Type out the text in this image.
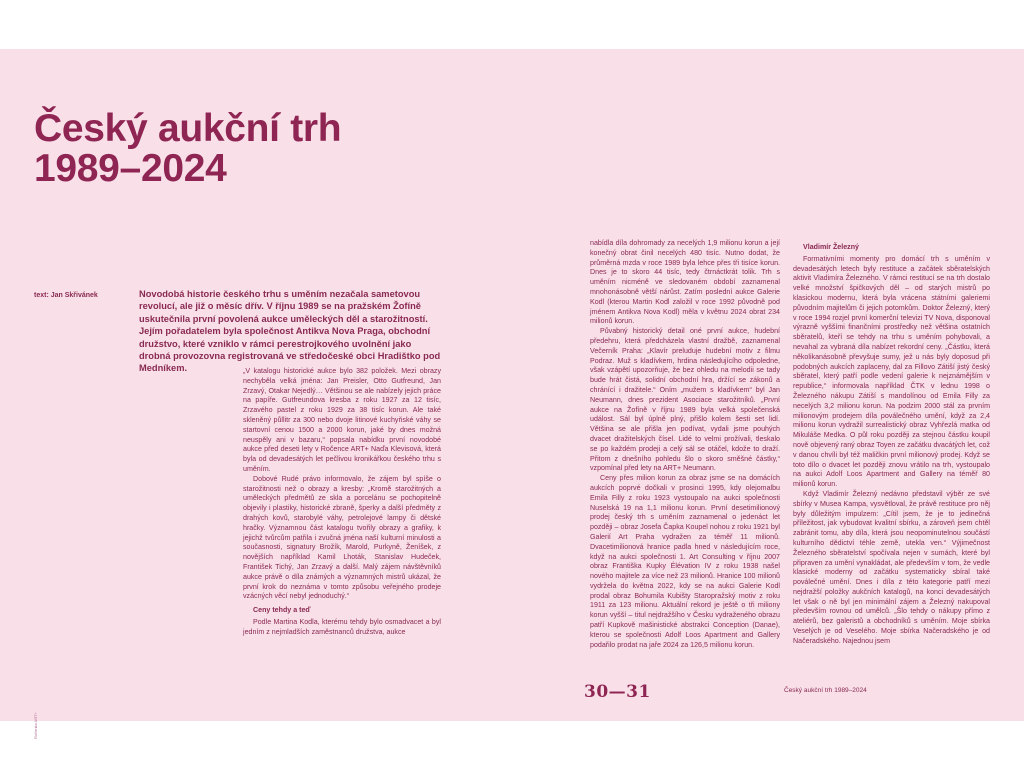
Český aukční trh
1989–2024
text: Jan Skřivánek	Novodobá historie českého trhu s uměním nezačala sametovou revolucí, ale již o měsíc dřív. V říjnu 1989 se na pražském Žofíně uskutečnila první povolená aukce uměleckých děl a starožitností. Jejím pořadatelem byla společnost Antikva Nova Praga, obchodní družstvo, které vzniklo v rámci perestrojkového uvolnění jako drobná provozovna registrovaná ve středočeské obci Hradištko pod Medníkem.	„V katalogu historické aukce bylo 382 položek. Mezi obrazy nechyběla velká jména: Jan Preisler, Otto Gutfreund, Jan Zrzavý, Otakar Nejedlý… Většinou se ale nabízely jejich práce na papíře. Gutfreundova kresba z roku 1927 za 12 tisíc, Zrzavého pastel z roku 1929 za 38 tisíc korun. Ale také skleněný půllitr za 300 nebo dvoje litinové kuchyňské váhy se startovní cenou 1500 a 2000 korun, jaké by dnes možná neuspěly ani v bazaru,“ popsala nabídku první novodobé aukce před deseti lety v Ročence ART+ Naďa Klevisová, která byla od devadesátých let pečlivou kronikářkou českého trhu s uměním.

Dobové Rudé právo informovalo, že zájem byl spíše o starožitnosti než o obrazy a kresby: „Kromě starožitných a uměleckých předmětů ze skla a porcelánu se pochopitelně objevily i plastiky, historické zbraně, šperky a další předměty z drahých kovů, starobylé váhy, petrolejové lampy či dětské hračky. Významnou část katalogu tvořily obrazy a grafiky, k jejichž tvůrcům patřila i zvučná jména naší kulturní minulosti a současnosti, signatury Brožík, Marold, Purkyně, Ženíšek, z novějších například Kamil Lhoták, Stanislav Hudeček, František Tichý, Jan Zrzavý a další. Malý zájem návštěvníků aukce právě o díla známých a významných mistrů ukázal, že první krok do neznáma v tomto způsobu veřejného prodeje vzácných věcí nebyl jednoduchý.“

Ceny tehdy a teď

Podle Martina Kodla, kterému tehdy bylo osmadvacet a byl jedním z nejmladších zaměstnanců družstva, aukce

nabídla díla dohromady za necelých 1,9 milionu korun a její konečný obrat činil necelých 480 tisíc. Nutno dodat, že průměrná mzda v roce 1989 byla lehce přes tři tisíce korun. Dnes je to skoro 44 tisíc, tedy čtrnáctkrát tolik. Trh s uměním nicméně ve sledovaném období zaznamenal mnohonásobně větší nárůst. Zatím poslední aukce Galerie Kodl (kterou Martin Kodl založil v roce 1992 původně pod jménem Antikva Nova Kodl) měla v květnu 2024 obrat 234 milionů korun.

Půvabný historický detail oné první aukce, hudební předehru, která předcházela vlastní dražbě, zaznamenal Večerník Praha: „Klavír preluduje hudební motiv z filmu Podraz. Muž s kladívkem, hrdina následujícího odpoledne, však vzápětí upozorňuje, že bez ohledu na melodii se tady bude hrát čistá, solidní obchodní hra, držící se zákonů a chránící i dražitele.“ Oním „mužem s kladívkem“ byl Jan Neumann, dnes prezident Asociace starožitníků. „První aukce na Žofíně v říjnu 1989 byla velká společenská událost. Sál byl úplně plný, přišlo kolem šesti set lidí. Většina se ale přišla jen podívat, vydali jsme pouhých dvacet dražitelských čísel. Lidé to velmi prožívali, tleskalo se po každém prodeji a celý sál se otáčel, kdože to draží. Přitom z dnešního pohledu šlo o skoro směšné částky,“ vzpomínal před lety na ART+ Neumann.

Ceny přes milion korun za obraz jsme se na domácích aukcích poprvé dočkali v prosinci 1995, kdy olejomalbu Emila Filly z roku 1923 vystoupalo na aukci společnosti Nuselská 19 na 1,1 milionu korun. První desetimilionový prodej český trh s uměním zaznamenal o jedenáct let později – obraz Josefa Čapka Koupel nohou z roku 1921 byl Galerií Art Praha vydražen za téměř 11 milionů. Dvacetimilionová hranice padla hned v následujícím roce, když na aukci společnosti 1. Art Consulting v říjnu 2007 obraz Františka Kupky Élévation IV z roku 1938 našel nového majitele za více než 23 milionů. Hranice 100 milionů vydržela do května 2022, kdy se na aukci Galerie Kodl prodal obraz Bohumila Kubišty Staropražský motiv z roku 1911 za 123 milionu. Aktuální rekord je ještě o tři miliony korun vyšší – titul nejdražšího v Česku vydraženého obrazu patří Kupkově mašinistické abstrakci Conception (Danae), kterou se společnosti Adolf Loos Apartment and Gallery podařilo prodat na jaře 2024 za 126,5 milionu korun.

Vladimír Železný

Formativními momenty pro domácí trh s uměním v devadesátých letech byly restituce a začátek sběratelských aktivit Vladimíra Železného. V rámci restitucí se na trh dostalo velké množství špičkových děl – od starých mistrů po klasickou modernu, která byla vrácena státními galeriemi původním majitelům či jejich potomkům. Doktor Železný, který v roce 1994 rozjel první komerční televizi TV Nova, disponoval výrazně vyššími finančními prostředky než většina ostatních sběratelů, kteří se tehdy na trhu s uměním pohybovali, a nevahal za vybraná díla nabízet rekordní ceny. „Částku, která několikanásobně převyšuje sumy, jež u nás byly doposud při podobných aukcích zaplaceny, dal za Fillovo Zátiší jistý český sběratel, který patří podle vedení galerie k nejznámějším v republice,“ informovala například ČTK v lednu 1998 o Železného nákupu Zátiší s mandolínou od Emila Filly za necelých 3,2 milionu korun. Na podzim 2000 stál za prvním milionovým prodejem díla poválečného umění, když za 2,4 milionu korun vydražil surrealistický obraz Vyhřezlá matka od Mikuláše Medka. O půl roku později za stejnou částku koupil nově objevený raný obraz Toyen ze začátku dvacátých let, což v danou chvíli byl též maličkin první milionový prodej. Když se toto dílo o dvacet let později znovu vrátilo na trh, vystoupalo na aukci Adolf Loos Apartment and Gallery na téměř 80 milionů korun.

Když Vladimír Železný nedávno představil výběr ze své sbírky v Musea Kampa, vysvětloval, že právě restituce pro něj byly důležitým impulzem: „Cítil jsem, že je to jedinečná příležitost, jak vybudovat kvalitní sbírku, a zároveň jsem chtěl zabránit tomu, aby díla, která jsou neopominutelnou součástí kulturního dědictví téhle země, utekla ven.“ Výjimečnost Železného sběratelství spočívala nejen v sumách, které byl připraven za umění vynakládat, ale především v tom, že vedle klasické moderny od začátku systematicky sbíral také poválečné umění. Dnes i díla z této kategorie patří mezi nejdražší položky aukčních katalogů, na konci devadesátých let však o ně byl jen minimální zájem a Železný nakupoval především rovnou od umělců. „Šlo tehdy o nákupy přímo z ateliérů, bez galeristů a obchodníků s uměním. Moje sbírka Veselých je od Veselého. Moje sbírka Načeradského je od Načeradského. Najednou jsem

30—31	Český aukční trh 1989–2024
Ročenka ART+
